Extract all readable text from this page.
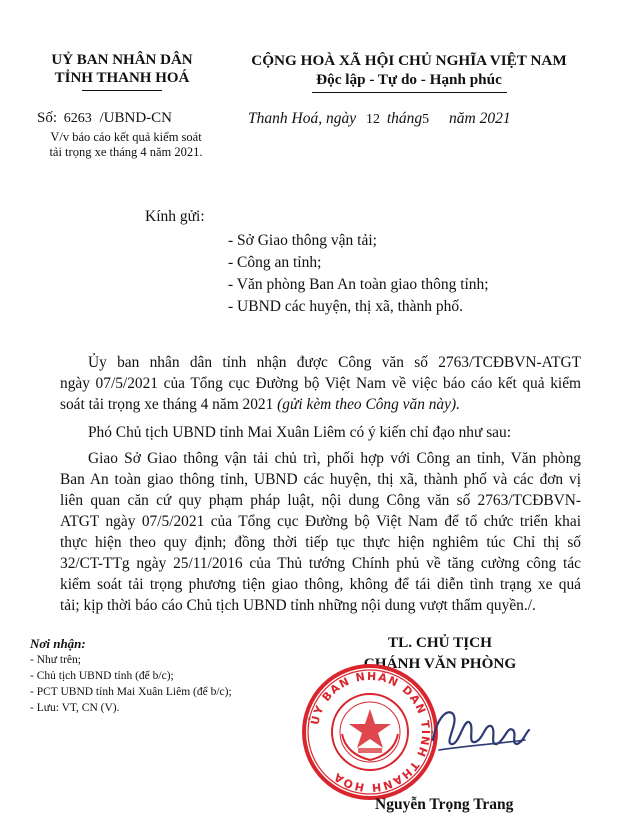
UỶ BAN NHÂN DÂN
TỈNH THANH HOÁ
Số: 6263 /UBND-CN
V/v báo cáo kết quả kiểm soát
tải trọng xe tháng 4 năm 2021.
CỘNG HOÀ XÃ HỘI CHỦ NGHĨA VIỆT NAM
Độc lập - Tự do - Hạnh phúc
Thanh Hoá, ngày 12 tháng5 năm 2021
Kính gửi:
- Sở Giao thông vận tải;
- Công an tỉnh;
- Văn phòng Ban An toàn giao thông tỉnh;
- UBND các huyện, thị xã, thành phố.
Ủy ban nhân dân tỉnh nhận được Công văn số 2763/TCĐBVN-ATGT
ngày 07/5/2021 của Tổng cục Đường bộ Việt Nam về việc báo cáo kết quả kiểm
soát tải trọng xe tháng 4 năm 2021 (gửi kèm theo Công văn này).
Phó Chủ tịch UBND tỉnh Mai Xuân Liêm có ý kiến chỉ đạo như sau:
Giao Sở Giao thông vận tải chủ trì, phối hợp với Công an tỉnh, Văn phòng
Ban An toàn giao thông tỉnh, UBND các huyện, thị xã, thành phố và các đơn vị
liên quan căn cứ quy phạm pháp luật, nội dung Công văn số 2763/TCĐBVN-
ATGT ngày 07/5/2021 của Tổng cục Đường bộ Việt Nam để tổ chức triển khai
thực hiện theo quy định; đồng thời tiếp tục thực hiện nghiêm túc Chỉ thị số
32/CT-TTg ngày 25/11/2016 của Thủ tướng Chính phủ về tăng cường công tác
kiểm soát tải trọng phương tiện giao thông, không để tái diễn tình trạng xe quá
tải; kịp thời báo cáo Chủ tịch UBND tỉnh những nội dung vượt thẩm quyền./.
Nơi nhận:
- Như trên;
- Chủ tịch UBND tỉnh (để b/c);
- PCT UBND tỉnh Mai Xuân Liêm (để b/c);
- Lưu: VT, CN (V).
TL. CHỦ TỊCH
CHÁNH VĂN PHÒNG
ỦY BAN NHÂN DÂN TỈNH THANH HÓA
Nguyễn Trọng Trang
